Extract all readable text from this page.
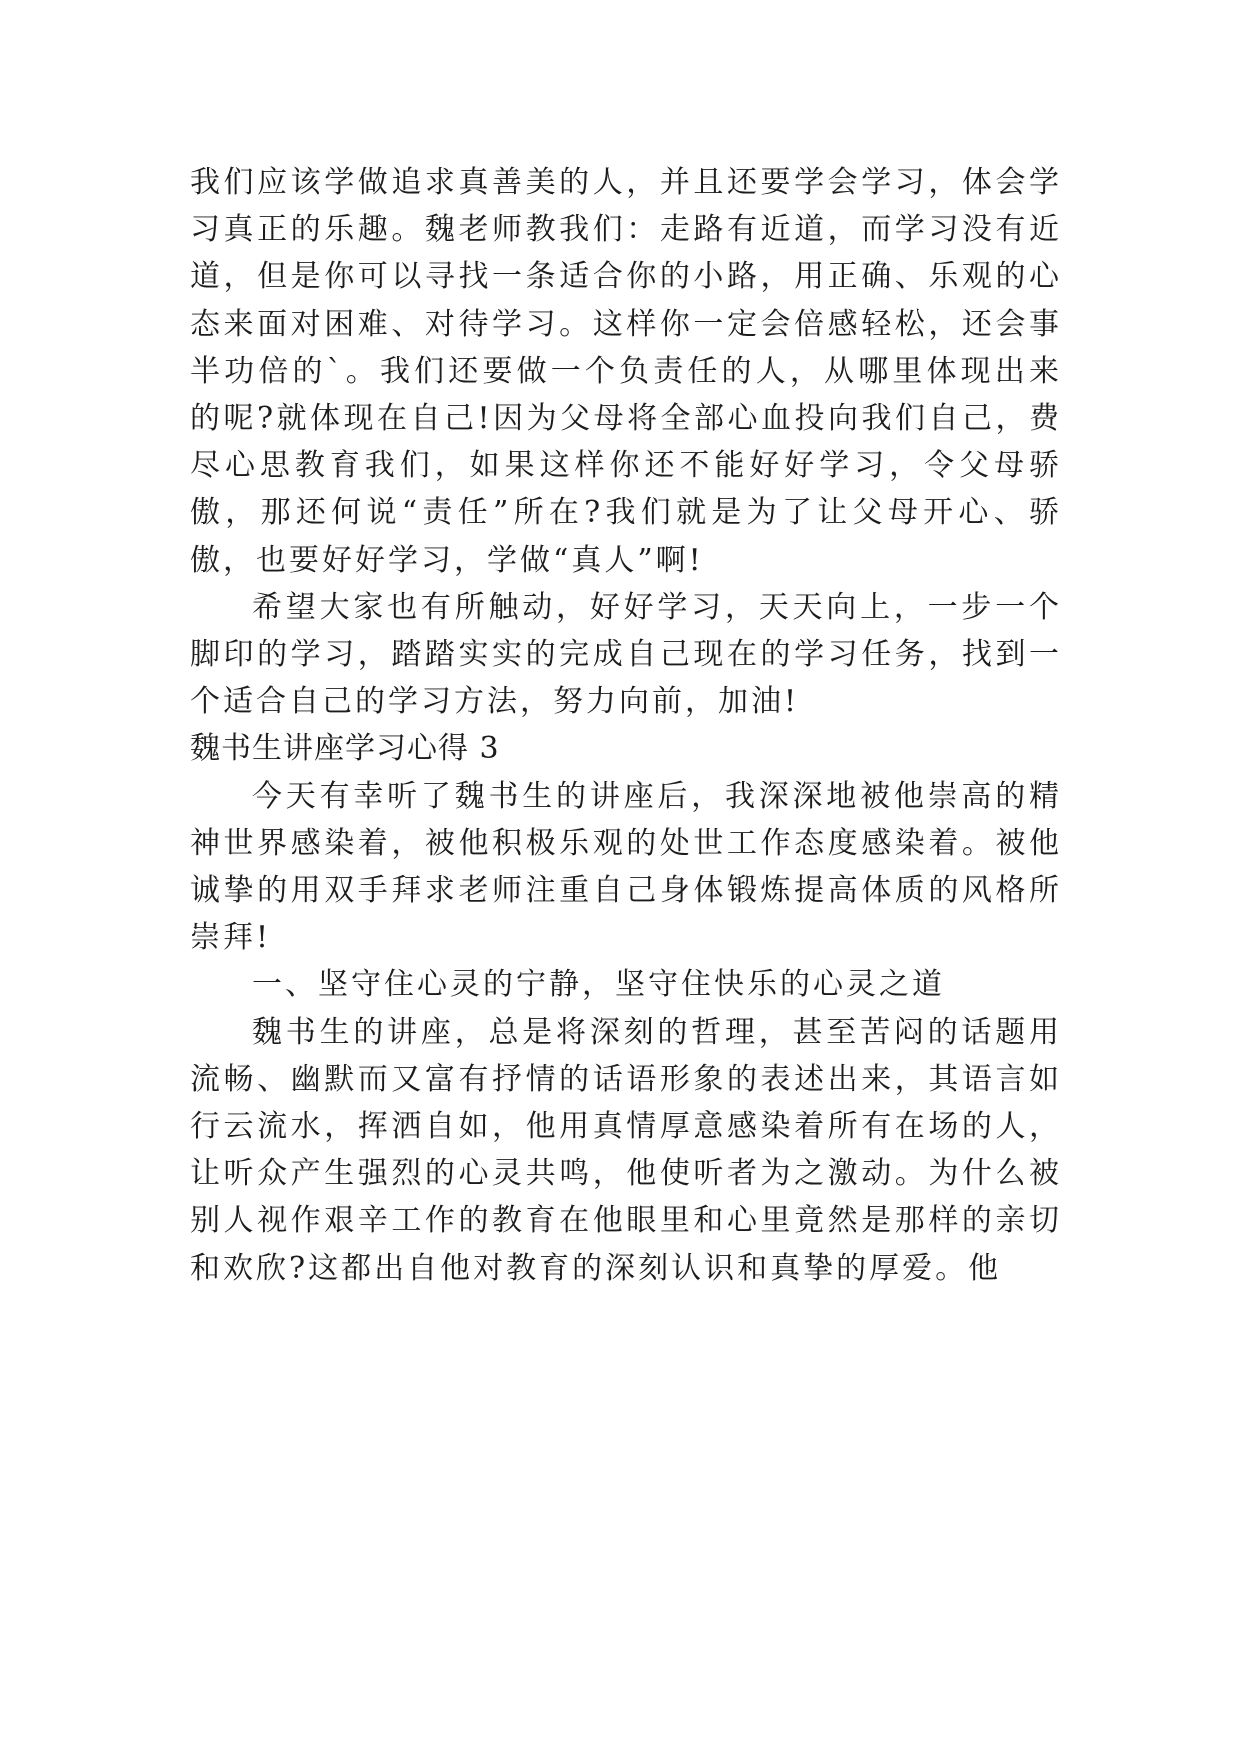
我们应该学做追求真善美的人，并且还要学会学习，体会学习真正的乐趣。魏老师教我们：走路有近道，而学习没有近道，但是你可以寻找一条适合你的小路，用正确、乐观的心态来面对困难、对待学习。这样你一定会倍感轻松，还会事半功倍的`。我们还要做一个负责任的人，从哪里体现出来的呢?就体现在自己!因为父母将全部心血投向我们自己，费尽心思教育我们，如果这样你还不能好好学习，令父母骄傲，那还何说“责任”所在?我们就是为了让父母开心、骄傲，也要好好学习，学做“真人”啊!

希望大家也有所触动，好好学习，天天向上，一步一个脚印的学习，踏踏实实的完成自己现在的学习任务，找到一个适合自己的学习方法，努力向前，加油!

魏书生讲座学习心得 3

今天有幸听了魏书生的讲座后，我深深地被他崇高的精神世界感染着，被他积极乐观的处世工作态度感染着。被他诚挚的用双手拜求老师注重自己身体锻炼提高体质的风格所崇拜!

一、坚守住心灵的宁静，坚守住快乐的心灵之道

魏书生的讲座，总是将深刻的哲理，甚至苦闷的话题用流畅、幽默而又富有抒情的话语形象的表述出来，其语言如行云流水，挥洒自如，他用真情厚意感染着所有在场的人，让听众产生强烈的心灵共鸣，他使听者为之激动。为什么被别人视作艰辛工作的教育在他眼里和心里竟然是那样的亲切和欢欣?这都出自他对教育的深刻认识和真挚的厚爱。他
